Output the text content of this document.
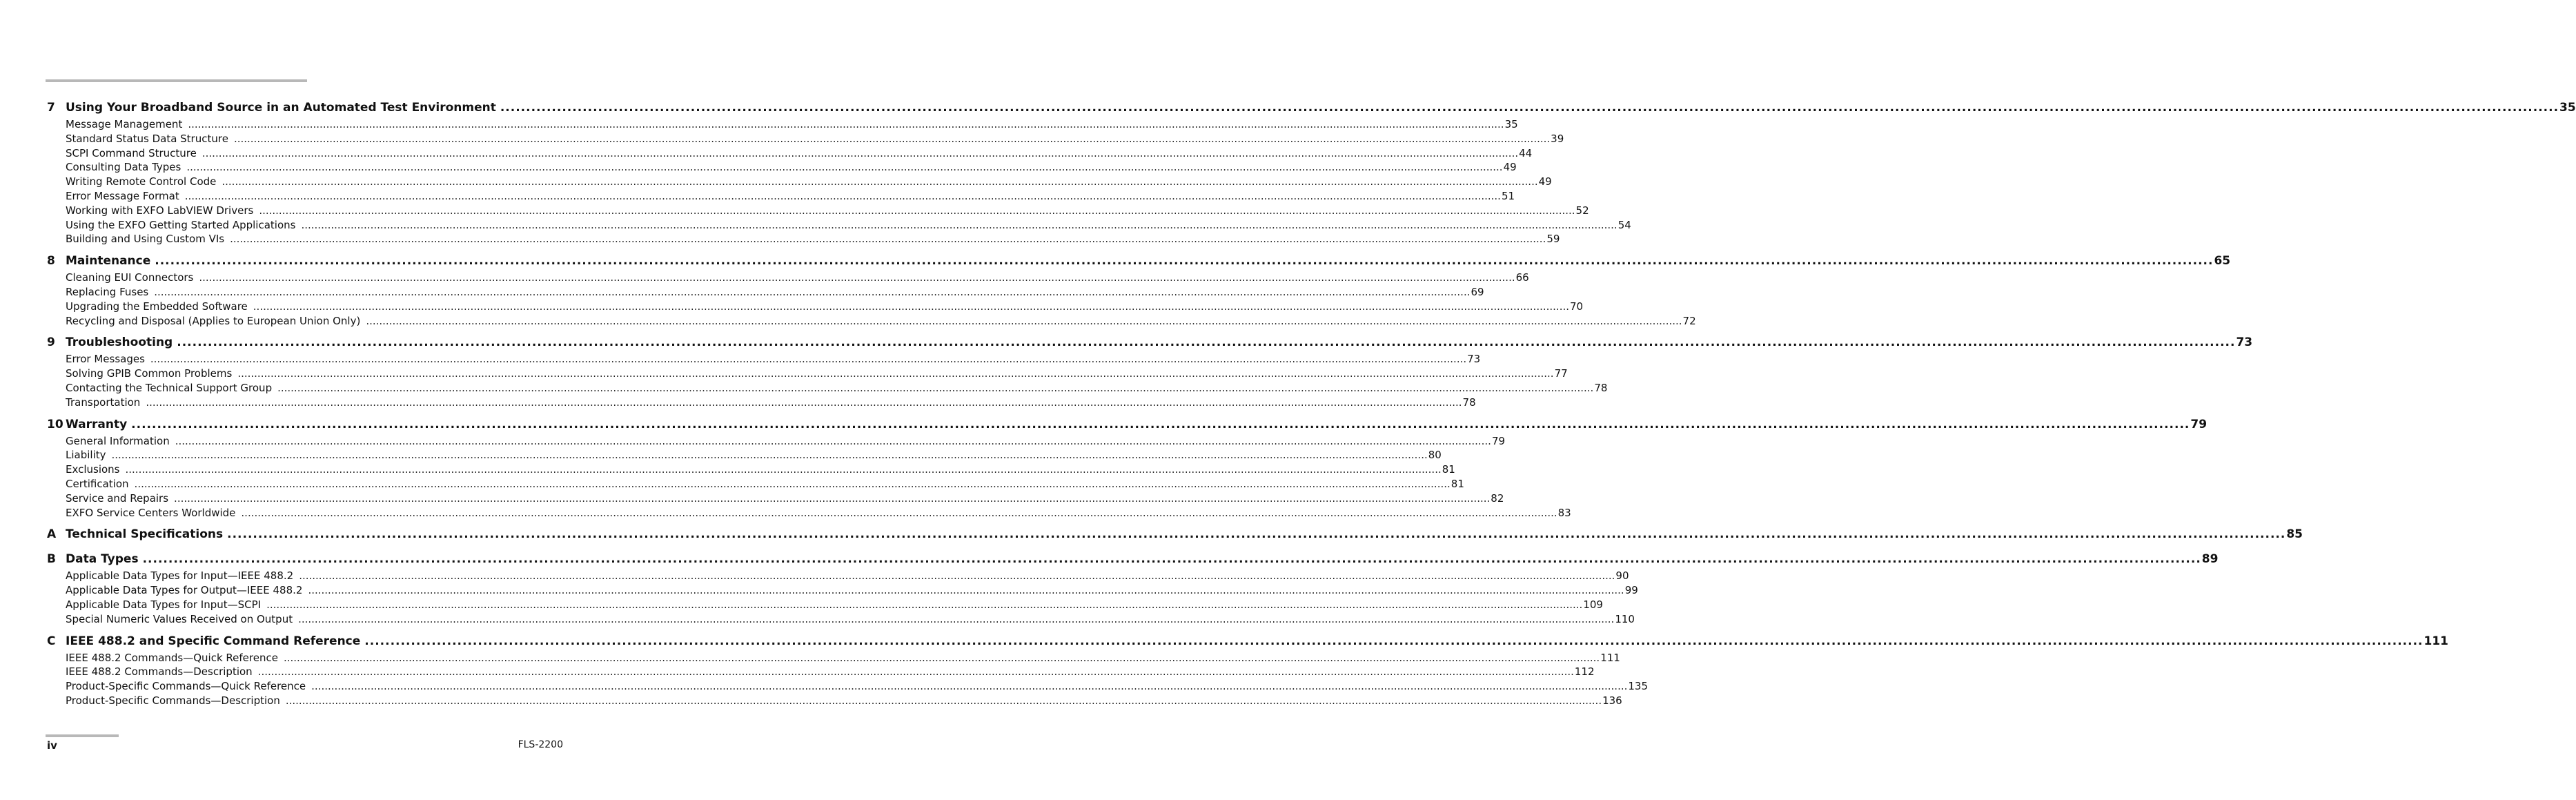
7 Using Your Broadband Source in an Automated Test Environment ................................................................................................................................................................................................................................................................................................................................................................................................................ 35
Message Management ................................................................................................................................................................................................................................................................................................................................................................................................................ 35
Standard Status Data Structure ................................................................................................................................................................................................................................................................................................................................................................................................................ 39
SCPI Command Structure ................................................................................................................................................................................................................................................................................................................................................................................................................ 44
Consulting Data Types ................................................................................................................................................................................................................................................................................................................................................................................................................ 49
Writing Remote Control Code ................................................................................................................................................................................................................................................................................................................................................................................................................ 49
Error Message Format ................................................................................................................................................................................................................................................................................................................................................................................................................ 51
Working with EXFO LabVIEW Drivers ................................................................................................................................................................................................................................................................................................................................................................................................................ 52
Using the EXFO Getting Started Applications ................................................................................................................................................................................................................................................................................................................................................................................................................ 54
Building and Using Custom VIs ................................................................................................................................................................................................................................................................................................................................................................................................................ 59
8 Maintenance ................................................................................................................................................................................................................................................................................................................................................................................................................ 65
Cleaning EUI Connectors ................................................................................................................................................................................................................................................................................................................................................................................................................ 66
Replacing Fuses ................................................................................................................................................................................................................................................................................................................................................................................................................ 69
Upgrading the Embedded Software ................................................................................................................................................................................................................................................................................................................................................................................................................ 70
Recycling and Disposal (Applies to European Union Only) ................................................................................................................................................................................................................................................................................................................................................................................................................ 72
9 Troubleshooting ................................................................................................................................................................................................................................................................................................................................................................................................................ 73
Error Messages ................................................................................................................................................................................................................................................................................................................................................................................................................ 73
Solving GPIB Common Problems ................................................................................................................................................................................................................................................................................................................................................................................................................ 77
Contacting the Technical Support Group ................................................................................................................................................................................................................................................................................................................................................................................................................ 78
Transportation ................................................................................................................................................................................................................................................................................................................................................................................................................ 78
10 Warranty ................................................................................................................................................................................................................................................................................................................................................................................................................ 79
General Information ................................................................................................................................................................................................................................................................................................................................................................................................................ 79
Liability ................................................................................................................................................................................................................................................................................................................................................................................................................ 80
Exclusions ................................................................................................................................................................................................................................................................................................................................................................................................................ 81
Certification ................................................................................................................................................................................................................................................................................................................................................................................................................ 81
Service and Repairs ................................................................................................................................................................................................................................................................................................................................................................................................................ 82
EXFO Service Centers Worldwide ................................................................................................................................................................................................................................................................................................................................................................................................................ 83
A Technical Specifications ................................................................................................................................................................................................................................................................................................................................................................................................................ 85
B Data Types ................................................................................................................................................................................................................................................................................................................................................................................................................ 89
Applicable Data Types for Input—IEEE 488.2 ................................................................................................................................................................................................................................................................................................................................................................................................................ 90
Applicable Data Types for Output—IEEE 488.2 ................................................................................................................................................................................................................................................................................................................................................................................................................ 99
Applicable Data Types for Input—SCPI ................................................................................................................................................................................................................................................................................................................................................................................................................ 109
Special Numeric Values Received on Output ................................................................................................................................................................................................................................................................................................................................................................................................................ 110
C IEEE 488.2 and Specific Command Reference ................................................................................................................................................................................................................................................................................................................................................................................................................ 111
IEEE 488.2 Commands—Quick Reference ................................................................................................................................................................................................................................................................................................................................................................................................................ 111
IEEE 488.2 Commands—Description ................................................................................................................................................................................................................................................................................................................................................................................................................ 112
Product-Specific Commands—Quick Reference ................................................................................................................................................................................................................................................................................................................................................................................................................ 135
Product-Specific Commands—Description ................................................................................................................................................................................................................................................................................................................................................................................................................ 136
iv	FLS-2200
